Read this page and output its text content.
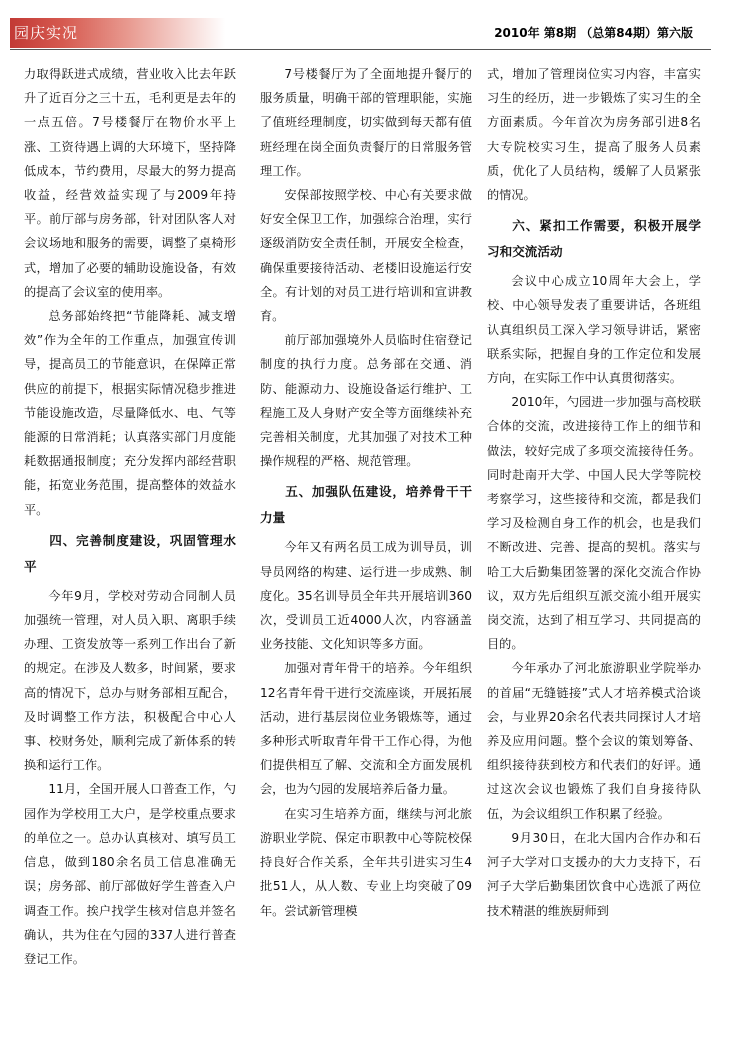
园庆实况	2010年 第8期 （总第84期）第六版

力取得跃进式成绩，营业收入比去年跃升了近百分之三十五，毛利更是去年的一点五倍。7号楼餐厅在物价水平上涨、工资待遇上调的大环境下，坚持降低成本，节约费用，尽最大的努力提高收益，经营效益实现了与2009年持平。前厅部与房务部，针对团队客人对会议场地和服务的需要，调整了桌椅形式，增加了必要的辅助设施设备，有效的提高了会议室的使用率。

总务部始终把“节能降耗、减支增效”作为全年的工作重点，加强宣传训导，提高员工的节能意识，在保障正常供应的前提下，根据实际情况稳步推进节能设施改造，尽量降低水、电、气等能源的日常消耗；认真落实部门月度能耗数据通报制度；充分发挥内部经营职能，拓宽业务范围，提高整体的效益水平。

四、完善制度建设，巩固管理水平

今年9月，学校对劳动合同制人员加强统一管理，对人员入职、离职手续办理、工资发放等一系列工作出台了新的规定。在涉及人数多，时间紧，要求高的情况下，总办与财务部相互配合，及时调整工作方法，积极配合中心人事、校财务处，顺利完成了新体系的转换和运行工作。

11月，全国开展人口普查工作，勺园作为学校用工大户，是学校重点要求的单位之一。总办认真核对、填写员工信息，做到180余名员工信息准确无误；房务部、前厅部做好学生普查入户调查工作。挨户找学生核对信息并签名确认，共为住在勺园的337人进行普查登记工作。

7号楼餐厅为了全面地提升餐厅的服务质量，明确干部的管理职能，实施了值班经理制度，切实做到每天都有值班经理在岗全面负责餐厅的日常服务管理工作。

安保部按照学校、中心有关要求做好安全保卫工作，加强综合治理，实行逐级消防安全责任制，开展安全检查，确保重要接待活动、老楼旧设施运行安全。有计划的对员工进行培训和宣讲教育。

前厅部加强境外人员临时住宿登记制度的执行力度。总务部在交通、消防、能源动力、设施设备运行维护、工程施工及人身财产安全等方面继续补充完善相关制度，尤其加强了对技术工种操作规程的严格、规范管理。

五、加强队伍建设，培养骨干干力量

今年又有两名员工成为训导员，训导员网络的构建、运行进一步成熟、制度化。35名训导员全年共开展培训360次，受训员工近4000人次，内容涵盖业务技能、文化知识等多方面。

加强对青年骨干的培养。今年组织12名青年骨干进行交流座谈，开展拓展活动，进行基层岗位业务锻炼等，通过多种形式听取青年骨干工作心得，为他们提供相互了解、交流和全方面发展机会，也为勺园的发展培养后备力量。

在实习生培养方面，继续与河北旅游职业学院、保定市职教中心等院校保持良好合作关系，全年共引进实习生4批51人，从人数、专业上均突破了09年。尝试新管理模

式，增加了管理岗位实习内容，丰富实习生的经历，进一步锻炼了实习生的全方面素质。今年首次为房务部引进8名大专院校实习生，提高了服务人员素质，优化了人员结构，缓解了人员紧张的情况。

六、紧扣工作需要，积极开展学习和交流活动

会议中心成立10周年大会上，学校、中心领导发表了重要讲话，各班组认真组织员工深入学习领导讲话，紧密联系实际，把握自身的工作定位和发展方向，在实际工作中认真贯彻落实。

2010年，勺园进一步加强与高校联合体的交流，改进接待工作上的细节和做法，较好完成了多项交流接待任务。同时赴南开大学、中国人民大学等院校考察学习，这些接待和交流，都是我们学习及检测自身工作的机会，也是我们不断改进、完善、提高的契机。落实与哈工大后勤集团签署的深化交流合作协议，双方先后组织互派交流小组开展实岗交流，达到了相互学习、共同提高的目的。

今年承办了河北旅游职业学院举办的首届“无缝链接”式人才培养模式洽谈会，与业界20余名代表共同探讨人才培养及应用问题。整个会议的策划筹备、组织接待获到校方和代表们的好评。通过这次会议也锻炼了我们自身接待队伍，为会议组织工作积累了经验。

9月30日，在北大国内合作办和石河子大学对口支援办的大力支持下，石河子大学后勤集团饮食中心选派了两位技术精湛的维族厨师到
